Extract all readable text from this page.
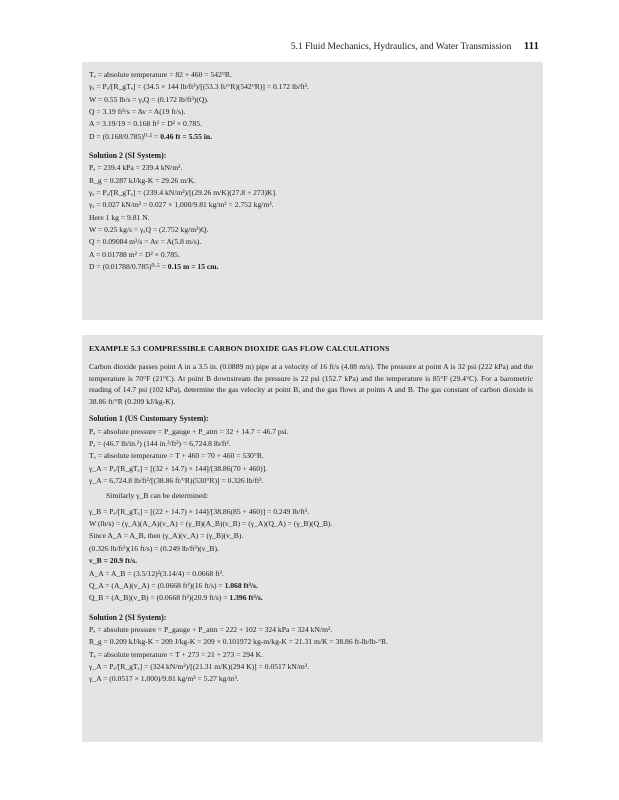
5.1 Fluid Mechanics, Hydraulics, and Water Transmission 111
Tₐ = absolute temperature = 82 + 460 = 542°R.
γₐ = Pₐ/[R_gTₐ] = (34.5 × 144 lb/ft²)/[(53.3 ft/°R)(542°R)] = 0.172 lb/ft³.
W = 0.55 lb/s = γₐQ = (0.172 lb/ft³)(Q).
Q = 3.19 ft³/s = Av = A(19 ft/s).
A = 3.19/19 = 0.168 ft² = D² × 0.785.
D = (0.168/0.785)⁰·⁵ = 0.46 ft = 5.55 in.
Solution 2 (SI System):
Pₐ = 239.4 kPa = 239.4 kN/m².
R_g = 0.287 kJ/kg-K = 29.26 m/K.
γₐ = Pₐ/[R_gTₐ] = (239.4 kN/m²)/[(29.26 m/K)(27.8 + 273)K].
γₐ = 0.027 kN/m³ = 0.027 × 1,000/9.81 kg/m³ = 2.752 kg/m³.
Here 1 kg = 9.81 N.
W = 0.25 kg/s = γₐQ = (2.752 kg/m³)Q.
Q = 0.09084 m³/s = Av = A(5.8 m/s).
A = 0.01788 m² = D² × 0.785.
D = (0.01788/0.785)⁰·⁵ = 0.15 m = 15 cm.
EXAMPLE 5.3 COMPRESSIBLE CARBON DIOXIDE GAS FLOW CALCULATIONS
Carbon dioxide passes point A in a 3.5 in. (0.0889 m) pipe at a velocity of 16 ft/s (4.88 m/s). The pressure at point A is 32 psi (222 kPa) and the temperature is 70°F (21°C). At point B downstream the pressure is 22 psi (152.7 kPa) and the temperature is 85°F (29.4°C). For a barometric reading of 14.7 psi (102 kPa), determine the gas velocity at point B, and the gas flows at points A and B. The gas constant of carbon dioxide is 38.86 ft/°R (0.209 kJ/kg-K).
Solution 1 (US Customary System):
Pₐ = absolute pressure = P_gauge + P_atm = 32 + 14.7 = 46.7 psi.
Pₐ = (46.7 lb/in.²) (144 in.²/ft²) = 6,724.8 lb/ft².
Tₐ = absolute temperature = T + 460 = 70 + 460 = 530°R.
γ_A = Pₐ/[R_gTₐ] = [(32 + 14.7) × 144]/[38.86(70 + 460)].
γ_A = 6,724.8 lb/ft²/[(38.86 ft/°R)(530°R)] = 0.326 lb/ft³.
Similarly γ_B can be determined:
γ_B = Pₐ/[R_gTₐ] = [(22 + 14.7) × 144]/[38.86(85 + 460)] = 0.249 lb/ft³.
W (lb/s) = (γ_A)(A_A)(v_A) = (γ_B)(A_B)(v_B) = (γ_A)(Q_A) = (γ_B)(Q_B).
Since A_A = A_B, then (γ_A)(v_A) = (γ_B)(v_B).
(0.326 lb/ft³)(16 ft/s) = (0.249 lb/ft³)(v_B).
v_B = 20.9 ft/s.
A_A = A_B = (3.5/12)²(3.14/4) = 0.0668 ft².
Q_A = (A_A)(v_A) = (0.0668 ft²)(16 ft/s) = 1.068 ft³/s.
Q_B = (A_B)(v_B) = (0.0668 ft²)(20.9 ft/s) = 1.396 ft³/s.
Solution 2 (SI System):
Pₐ = absolute pressure = P_gauge + P_atm = 222 + 102 = 324 kPa = 324 kN/m².
R_g = 0.209 kJ/kg-K = 209 J/kg-K = 209 × 0.101972 kg-m/kg-K = 21.31 m/K = 38.86 ft-lb/lb-°R.
Tₐ = absolute temperature = T + 273 = 21 + 273 = 294 K.
γ_A = Pₐ/[R_gTₐ] = (324 kN/m²)/[(21.31 m/K)(294 K)] = 0.0517 kN/m³.
γ_A = (0.0517 × 1,000)/9.81 kg/m³ = 5.27 kg/m³.
